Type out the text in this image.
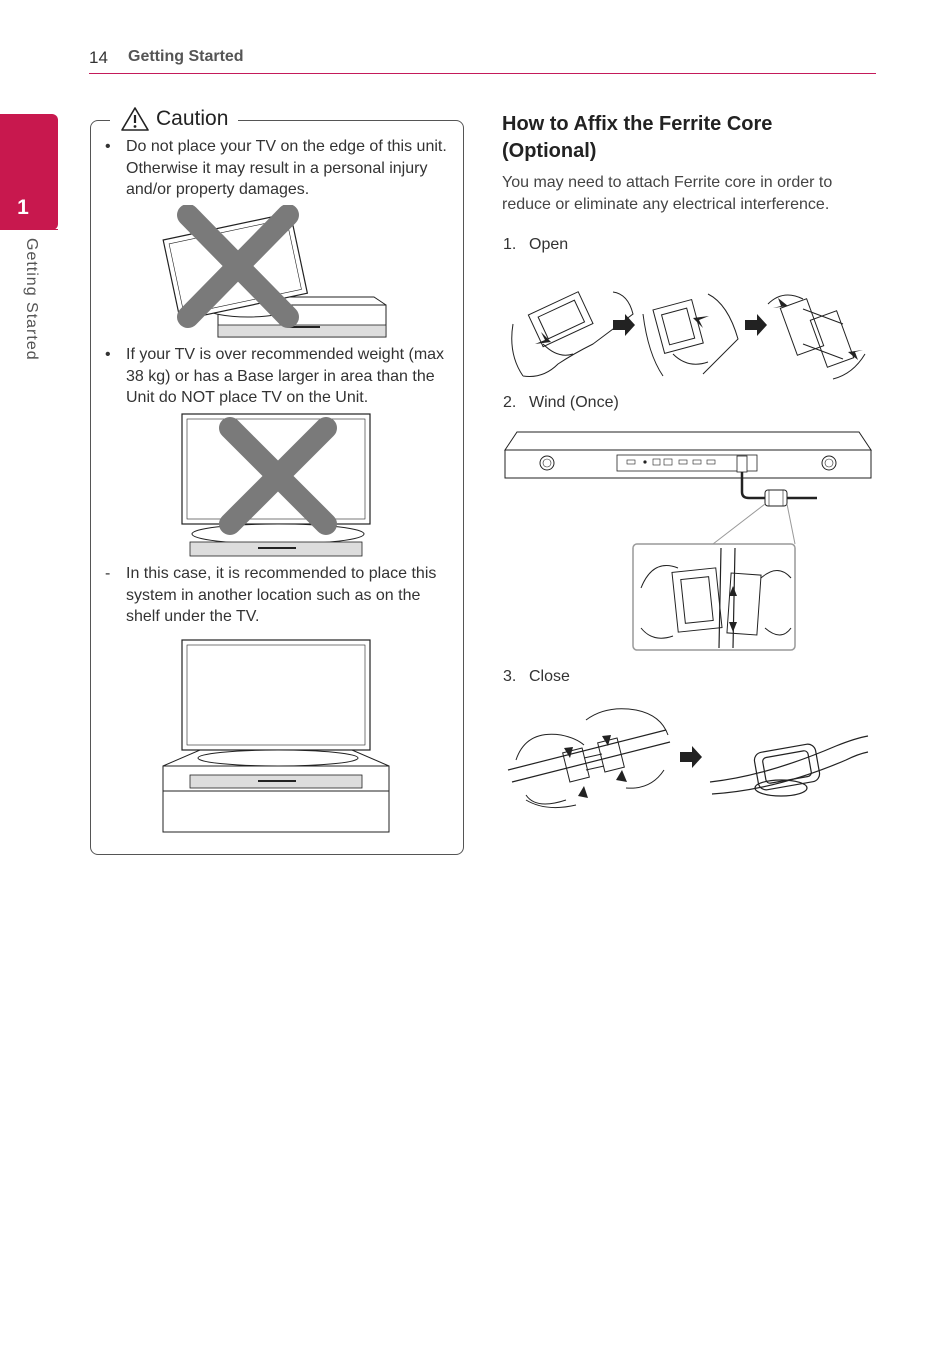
14 Getting Started
1
Getting Started
Caution
• Do not place your TV on the edge of this unit. Otherwise it may result in a personal injury and/or property damages.
• If your TV is over recommended weight (max 38 kg) or has a Base larger in area than the Unit do NOT place TV on the Unit.
- In this case, it is recommended to place this system in another location such as on the shelf under the TV.
How to Affix the Ferrite Core (Optional)
You may need to attach Ferrite core in order to reduce or eliminate any electrical interference.
1. Open
2. Wind (Once)
3. Close
